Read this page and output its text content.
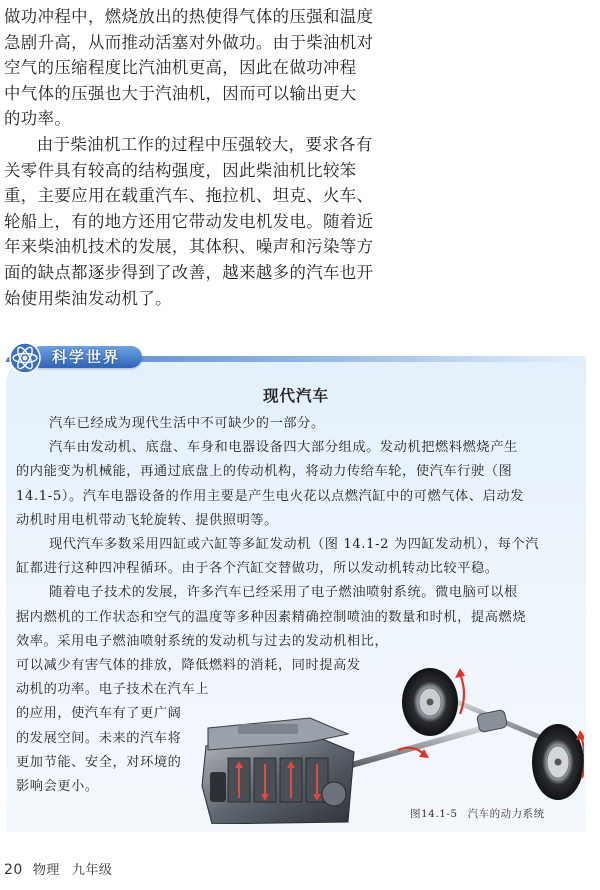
做功冲程中，燃烧放出的热使得气体的压强和温度
急剧升高，从而推动活塞对外做功。由于柴油机对
空气的压缩程度比汽油机更高，因此在做功冲程
中气体的压强也大于汽油机，因而可以输出更大
的功率。

由于柴油机工作的过程中压强较大，要求各有
关零件具有较高的结构强度，因此柴油机比较笨
重，主要应用在载重汽车、拖拉机、坦克、火车、
轮船上，有的地方还用它带动发电机发电。随着近
年来柴油机技术的发展，其体积、噪声和污染等方
面的缺点都逐步得到了改善，越来越多的汽车也开
始使用柴油发动机了。

科学世界
现代汽车
汽车已经成为现代生活中不可缺少的一部分。
汽车由发动机、底盘、车身和电器设备四大部分组成。发动机把燃料燃烧产生
的内能变为机械能，再通过底盘上的传动机构，将动力传给车轮，使汽车行驶（图
14.1-5）。汽车电器设备的作用主要是产生电火花以点燃汽缸中的可燃气体、启动发
动机时用电机带动飞轮旋转、提供照明等。
现代汽车多数采用四缸或六缸等多缸发动机（图 14.1-2 为四缸发动机），每个汽
缸都进行这种四冲程循环。由于各个汽缸交替做功，所以发动机转动比较平稳。
随着电子技术的发展，许多汽车已经采用了电子燃油喷射系统。微电脑可以根
据内燃机的工作状态和空气的温度等多种因素精确控制喷油的数量和时机，提高燃烧
效率。采用电子燃油喷射系统的发动机与过去的发动机相比，
可以减少有害气体的排放，降低燃料的消耗，同时提高发
动机的功率。电子技术在汽车上
的应用，使汽车有了更广阔
的发展空间。未来的汽车将
更加节能、安全，对环境的
影响会更小。
图14.1-5 汽车的动力系统
20 物理 九年级
